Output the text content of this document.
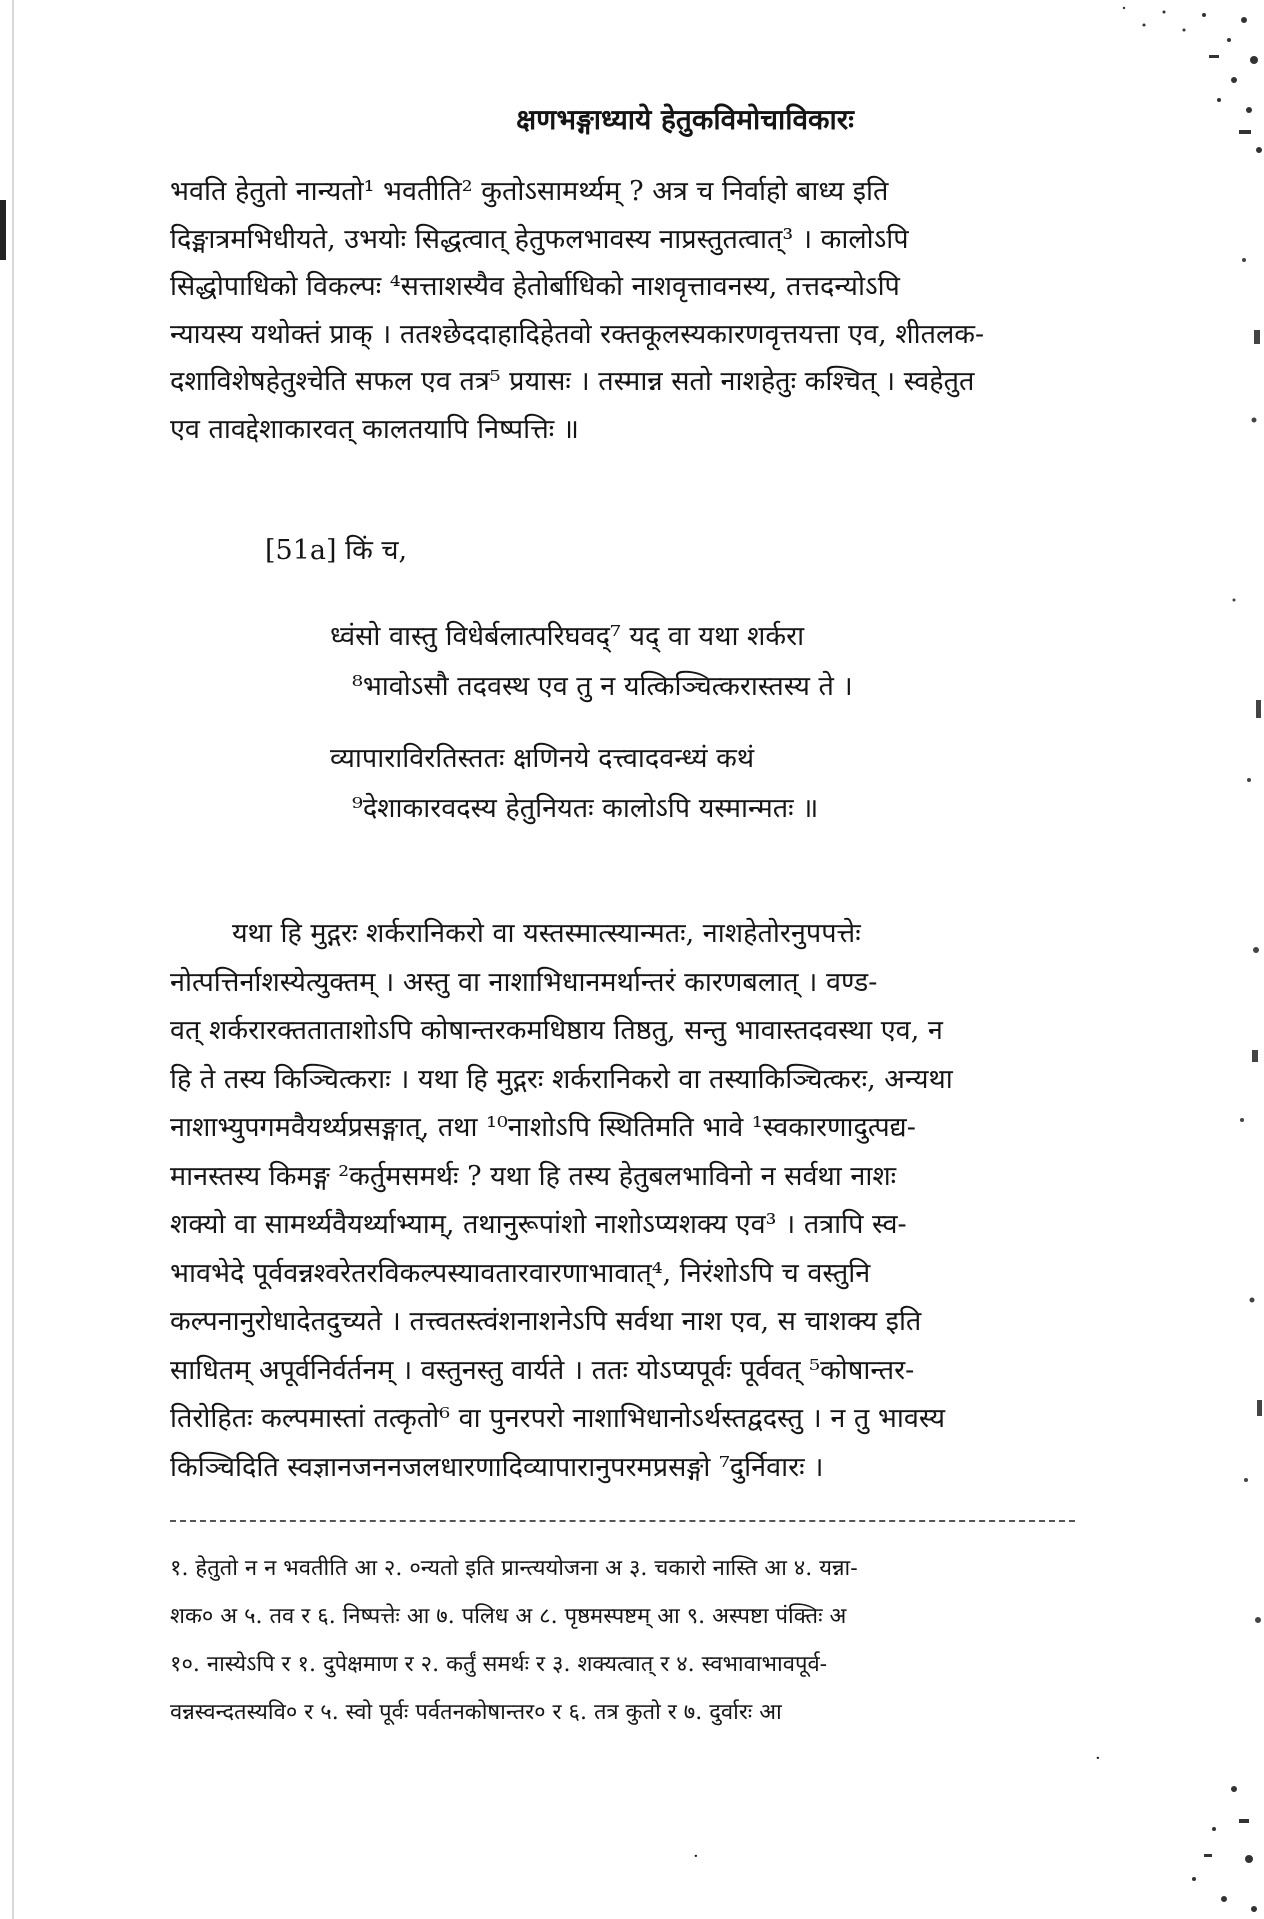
क्षणभङ्गाध्याये हेतुकविमोचाविकारः
भवति हेतुतो नान्यतो¹ भवतीति² कुतोऽसामर्थ्यम् ? अत्र च निर्वाहो बाध्य इति
दिङ्मात्रमभिधीयते, उभयोः सिद्धत्वात् हेतुफलभावस्य नाप्रस्तुतत्वात्³ । कालोऽपि
सिद्धोपाधिको विकल्पः ⁴सत्ताशस्यैव हेतोर्बाधिको नाशवृत्तावनस्य, तत्तदन्योऽपि
न्यायस्य यथोक्तं प्राक् । ततश्छेददाहादिहेतवो रक्तकूलस्यकारणवृत्तयत्ता एव, शीतलक-
दशाविशेषहेतुश्चेति सफल एव तत्र⁵ प्रयासः । तस्मान्न सतो नाशहेतुः कश्चित् । स्वहेतुत
एव तावद्देशाकारवत् कालतयापि निष्पत्तिः ॥
[51a] किं च,
ध्वंसो वास्तु विधेर्बलात्परिघवद्⁷ यद् वा यथा शर्करा
⁸भावोऽसौ तदवस्थ एव तु न यत्किञ्चित्करास्तस्य ते ।
व्यापाराविरतिस्ततः क्षणिनये दत्त्वादवन्ध्यं कथं
⁹देशाकारवदस्य हेतुनियतः कालोऽपि यस्मान्मतः ॥
यथा हि मुद्गरः शर्करानिकरो वा यस्तस्मात्स्यान्मतः, नाशहेतोरनुपपत्तेः
नोत्पत्तिर्नाशस्येत्युक्तम् । अस्तु वा नाशाभिधानमर्थान्तरं कारणबलात् । वण्ड-
वत् शर्करारक्तताताशोऽपि कोषान्तरकमधिष्ठाय तिष्ठतु, सन्तु भावास्तदवस्था एव, न
हि ते तस्य किञ्चित्कराः । यथा हि मुद्गरः शर्करानिकरो वा तस्याकिञ्चित्करः, अन्यथा
नाशाभ्युपगमवैयर्थ्यप्रसङ्गात्, तथा ¹⁰नाशोऽपि स्थितिमति भावे ¹स्वकारणादुत्पद्य-
मानस्तस्य किमङ्ग ²कर्तुमसमर्थः ? यथा हि तस्य हेतुबलभाविनो न सर्वथा नाशः
शक्यो वा सामर्थ्यवैयर्थ्याभ्याम्, तथानुरूपांशो नाशोऽप्यशक्य एव³ । तत्रापि स्व-
भावभेदे पूर्ववन्नश्वरेतरविकल्पस्यावतारवारणाभावात्⁴, निरंशोऽपि च वस्तुनि
कल्पनानुरोधादेतदुच्यते । तत्त्वतस्त्वंशनाशनेऽपि सर्वथा नाश एव, स चाशक्य इति
साधितम् अपूर्वनिर्वर्तनम् । वस्तुनस्तु वार्यते । ततः योऽप्यपूर्वः पूर्ववत् ⁵कोषान्तर-
तिरोहितः कल्पमास्तां तत्कृतो⁶ वा पुनरपरो नाशाभिधानोऽर्थस्तद्वदस्तु । न तु भावस्य
किञ्चिदिति स्वज्ञानजननजलधारणादिव्यापारानुपरमप्रसङ्गो ⁷दुर्निवारः ।
१. हेतुतो न न भवतीति आ २. ०न्यतो इति प्रान्त्ययोजना अ ३. चकारो नास्ति आ ४. यन्ना-
शक० अ ५. तव र ६. निष्पत्तेः आ ७. पलिध अ ८. पृष्ठमस्पष्टम् आ ९. अस्पष्टा पंक्तिः अ
१०. नास्येऽपि र १. दुपेक्षमाण र २. कर्तुं समर्थः र ३. शक्यत्वात् र ४. स्वभावाभावपूर्व-
वन्नस्वन्दतस्यवि० र ५. स्वो पूर्वः पर्वतनकोषान्तर० र ६. तत्र कुतो र ७. दुर्वारः आ
·
·
